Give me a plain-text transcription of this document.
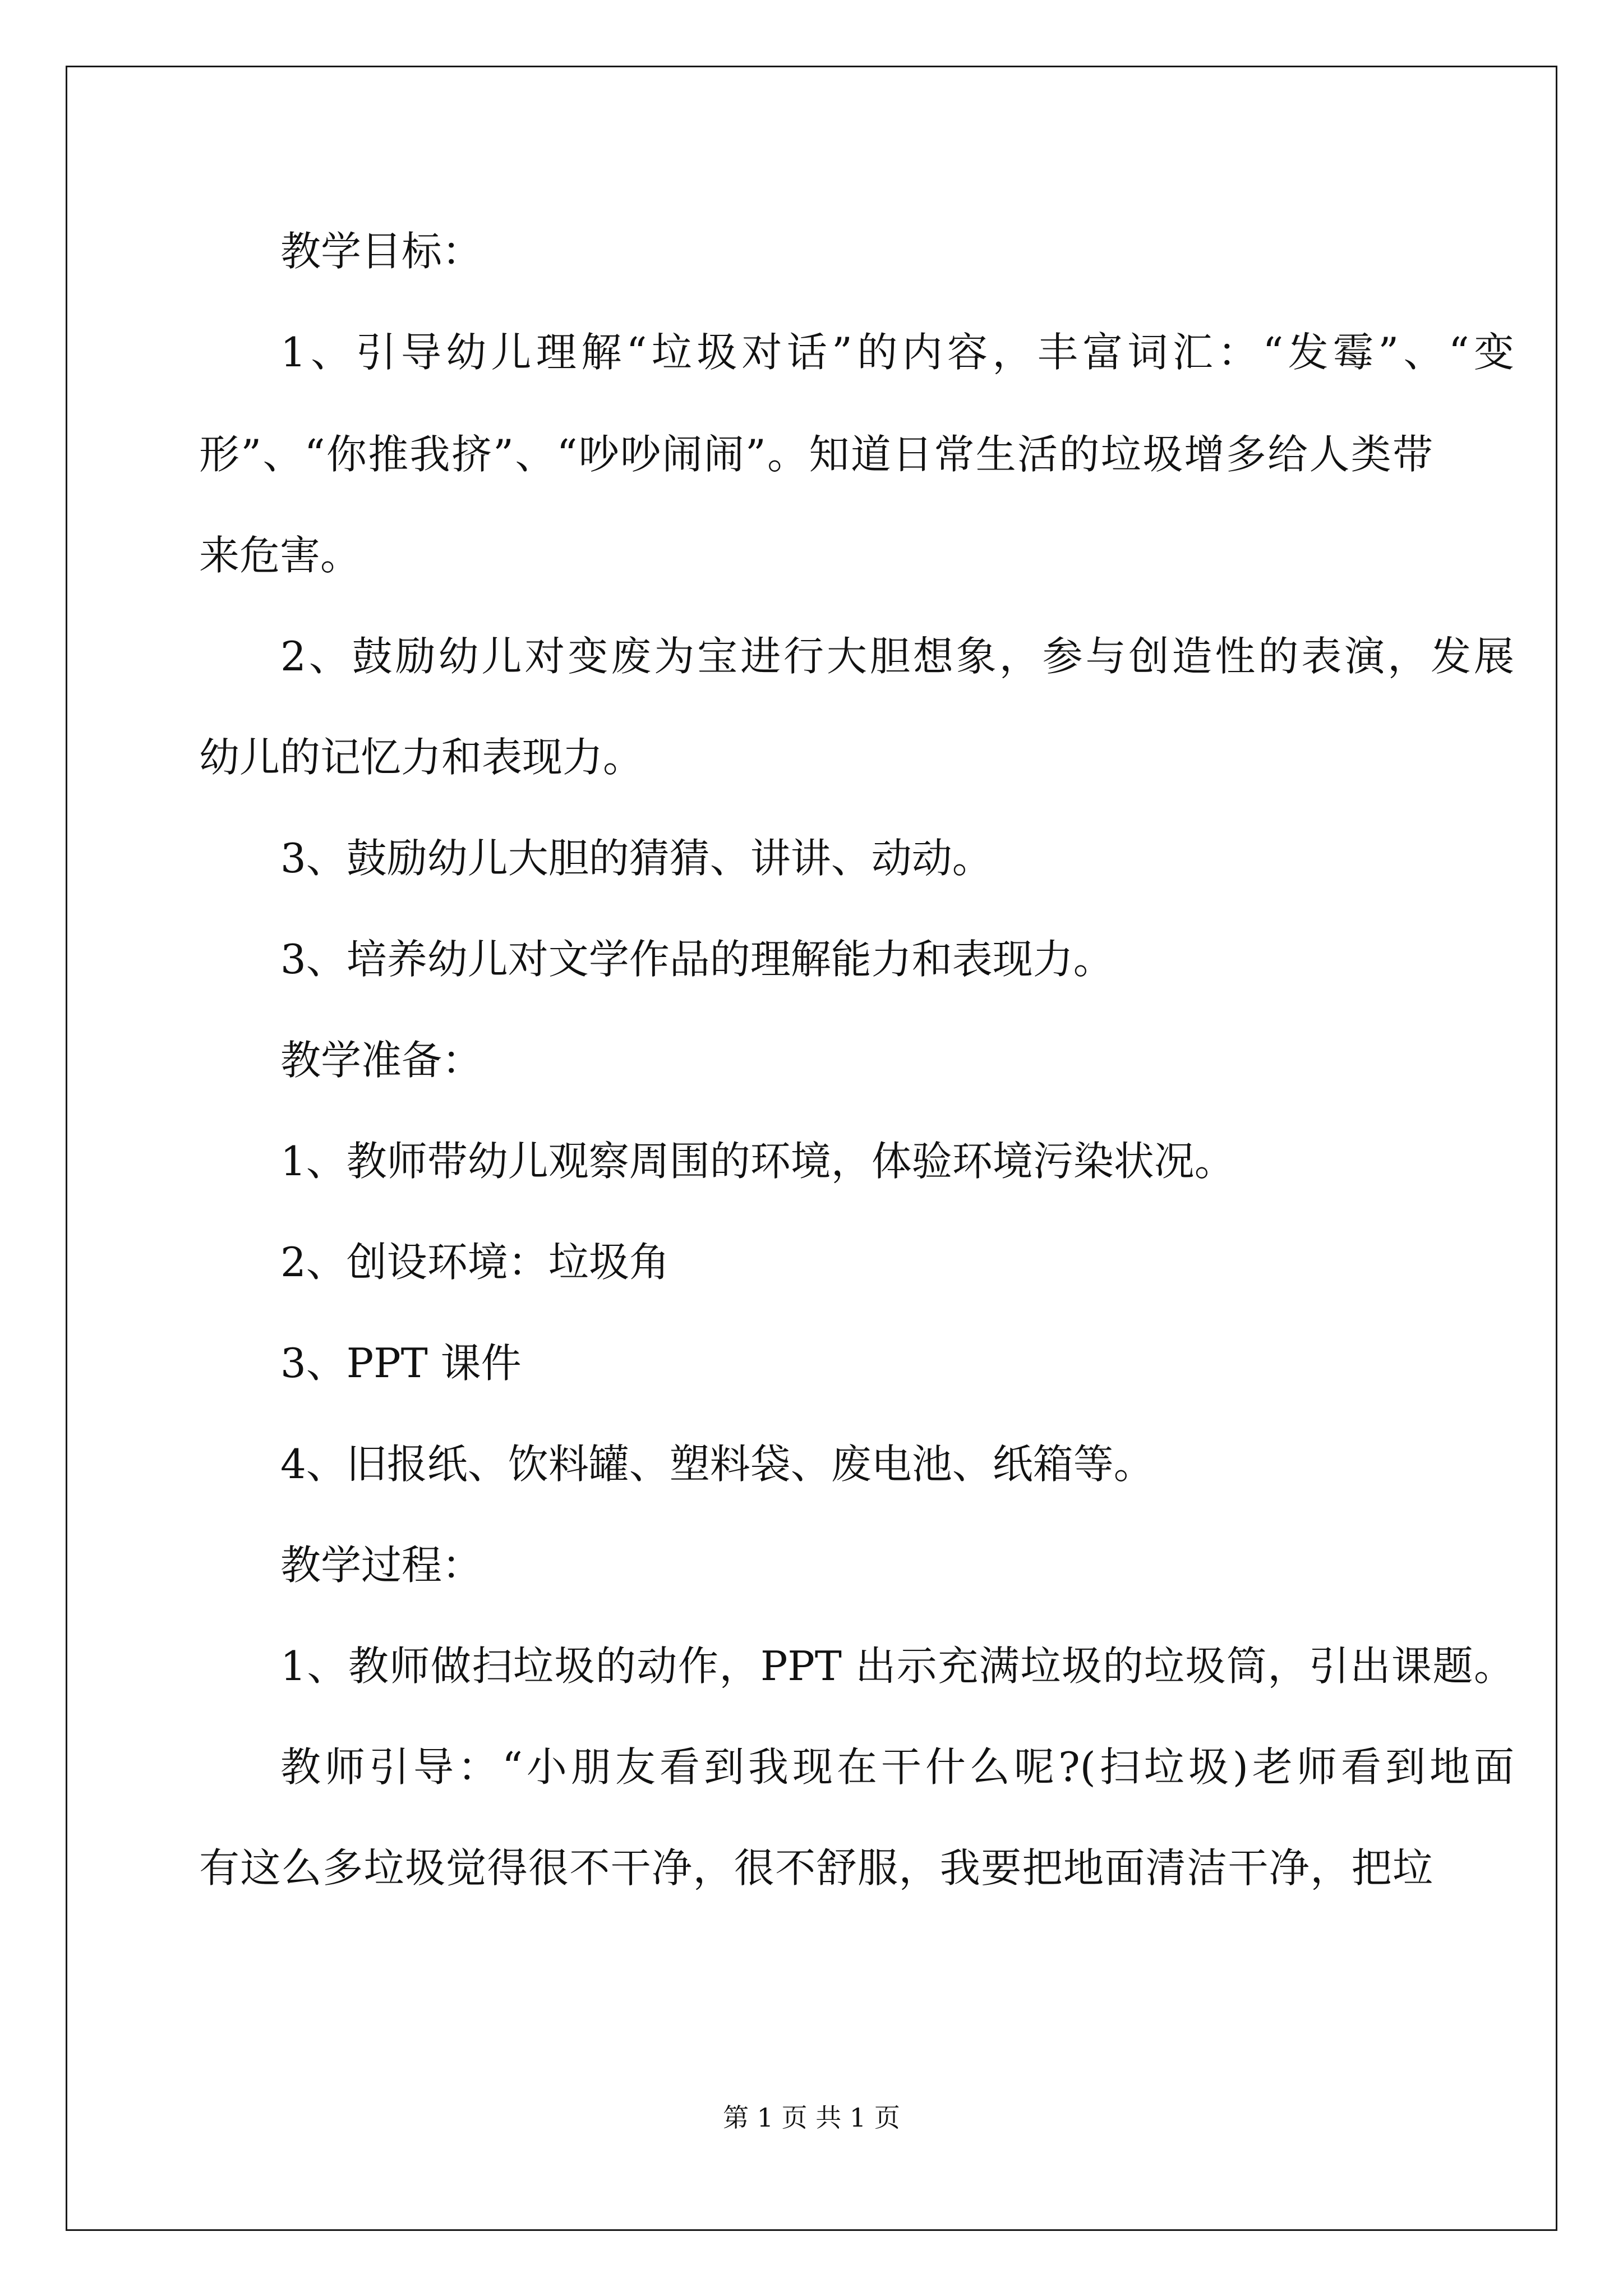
教学目标：
1、引导幼儿理解“垃圾对话”的内容，丰富词汇：“发霉”、“变
形”、“你推我挤”、“吵吵闹闹”。知道日常生活的垃圾增多给人类带
来危害。
2、鼓励幼儿对变废为宝进行大胆想象，参与创造性的表演，发展
幼儿的记忆力和表现力。
3、鼓励幼儿大胆的猜猜、讲讲、动动。
3、培养幼儿对文学作品的理解能力和表现力。
教学准备：
1、教师带幼儿观察周围的环境，体验环境污染状况。
2、创设环境：垃圾角
3、PPT 课件
4、旧报纸、饮料罐、塑料袋、废电池、纸箱等。
教学过程：
1、教师做扫垃圾的动作，PPT 出示充满垃圾的垃圾筒，引出课题。
教师引导：“小朋友看到我现在干什么呢?(扫垃圾)老师看到地面
有这么多垃圾觉得很不干净，很不舒服，我要把地面清洁干净，把垃
第 1 页 共 1 页
